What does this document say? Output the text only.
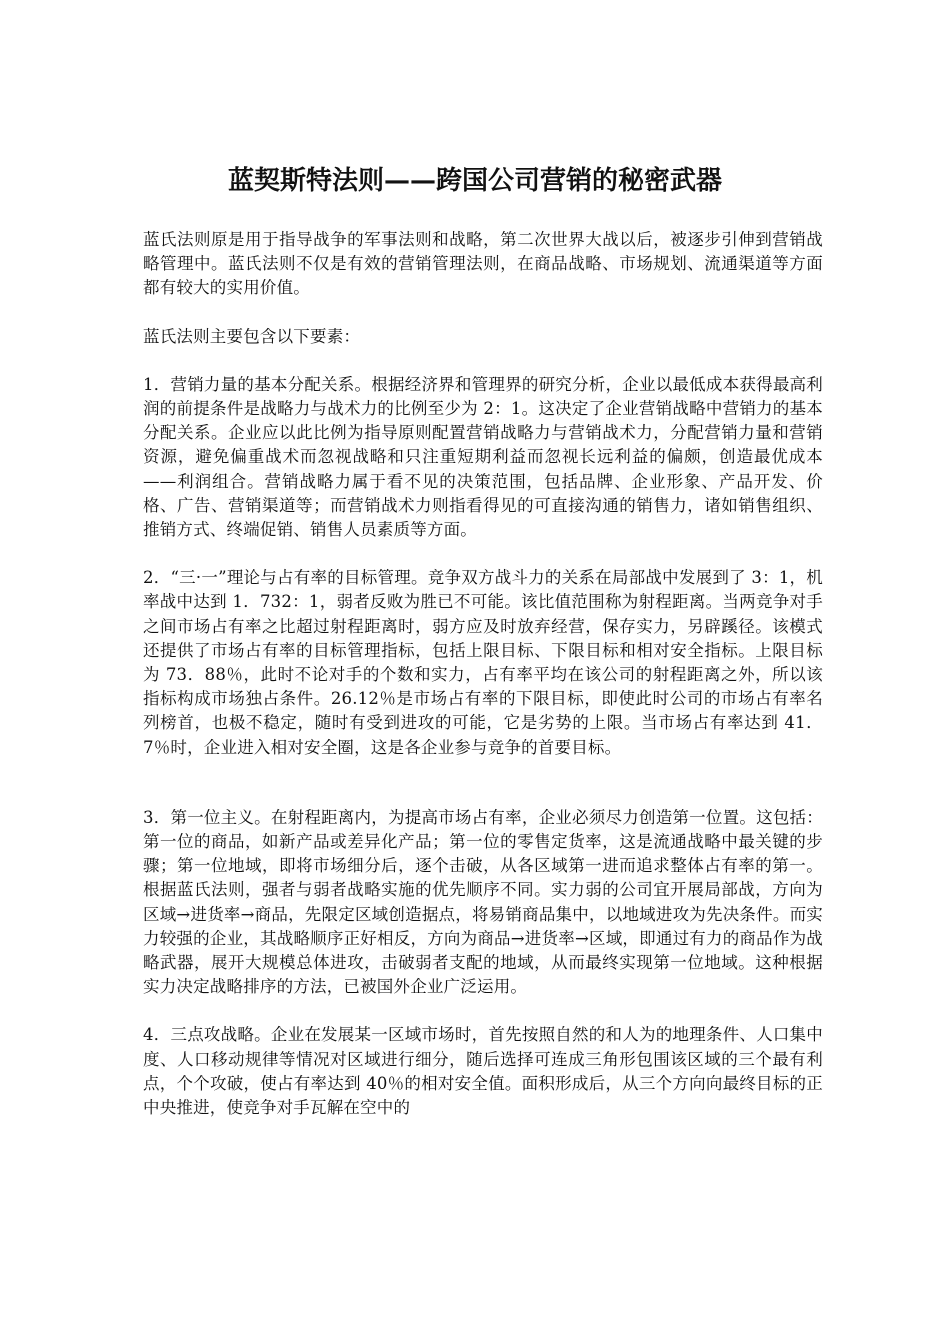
蓝契斯特法则——跨国公司营销的秘密武器

蓝氏法则原是用于指导战争的军事法则和战略，第二次世界大战以后，被逐步引伸到营销战略管理中。蓝氏法则不仅是有效的营销管理法则，在商品战略、市场规划、流通渠道等方面都有较大的实用价值。

蓝氏法则主要包含以下要素：

1．营销力量的基本分配关系。根据经济界和管理界的研究分析，企业以最低成本获得最高利润的前提条件是战略力与战术力的比例至少为 2：1。这决定了企业营销战略中营销力的基本分配关系。企业应以此比例为指导原则配置营销战略力与营销战术力，分配营销力量和营销资源，避免偏重战术而忽视战略和只注重短期利益而忽视长远利益的偏颇，创造最优成本——利润组合。营销战略力属于看不见的决策范围，包括品牌、企业形象、产品开发、价格、广告、营销渠道等；而营销战术力则指看得见的可直接沟通的销售力，诸如销售组织、推销方式、终端促销、销售人员素质等方面。

2．“三·一”理论与占有率的目标管理。竞争双方战斗力的关系在局部战中发展到了 3：1，机率战中达到 1．732：1，弱者反败为胜已不可能。该比值范围称为射程距离。当两竞争对手之间市场占有率之比超过射程距离时，弱方应及时放弃经营，保存实力，另辟蹊径。该模式还提供了市场占有率的目标管理指标，包括上限目标、下限目标和相对安全指标。上限目标为 73．88％，此时不论对手的个数和实力，占有率平均在该公司的射程距离之外，所以该指标构成市场独占条件。26.12％是市场占有率的下限目标，即使此时公司的市场占有率名列榜首，也极不稳定，随时有受到进攻的可能，它是劣势的上限。当市场占有率达到 41．7％时，企业进入相对安全圈，这是各企业参与竞争的首要目标。

3．第一位主义。在射程距离内，为提高市场占有率，企业必须尽力创造第一位置。这包括：第一位的商品，如新产品或差异化产品；第一位的零售定货率，这是流通战略中最关键的步骤；第一位地域，即将市场细分后，逐个击破，从各区域第一进而追求整体占有率的第一。根据蓝氏法则，强者与弱者战略实施的优先顺序不同。实力弱的公司宜开展局部战，方向为区域→进货率→商品，先限定区域创造据点，将易销商品集中，以地域进攻为先决条件。而实力较强的企业，其战略顺序正好相反，方向为商品→进货率→区域，即通过有力的商品作为战略武器，展开大规模总体进攻，击破弱者支配的地域，从而最终实现第一位地域。这种根据实力决定战略排序的方法，已被国外企业广泛运用。

4．三点攻战略。企业在发展某一区域市场时，首先按照自然的和人为的地理条件、人口集中度、人口移动规律等情况对区域进行细分，随后选择可连成三角形包围该区域的三个最有利点，个个攻破，使占有率达到 40％的相对安全值。面积形成后，从三个方向向最终目标的正中央推进，使竞争对手瓦解在空中的
